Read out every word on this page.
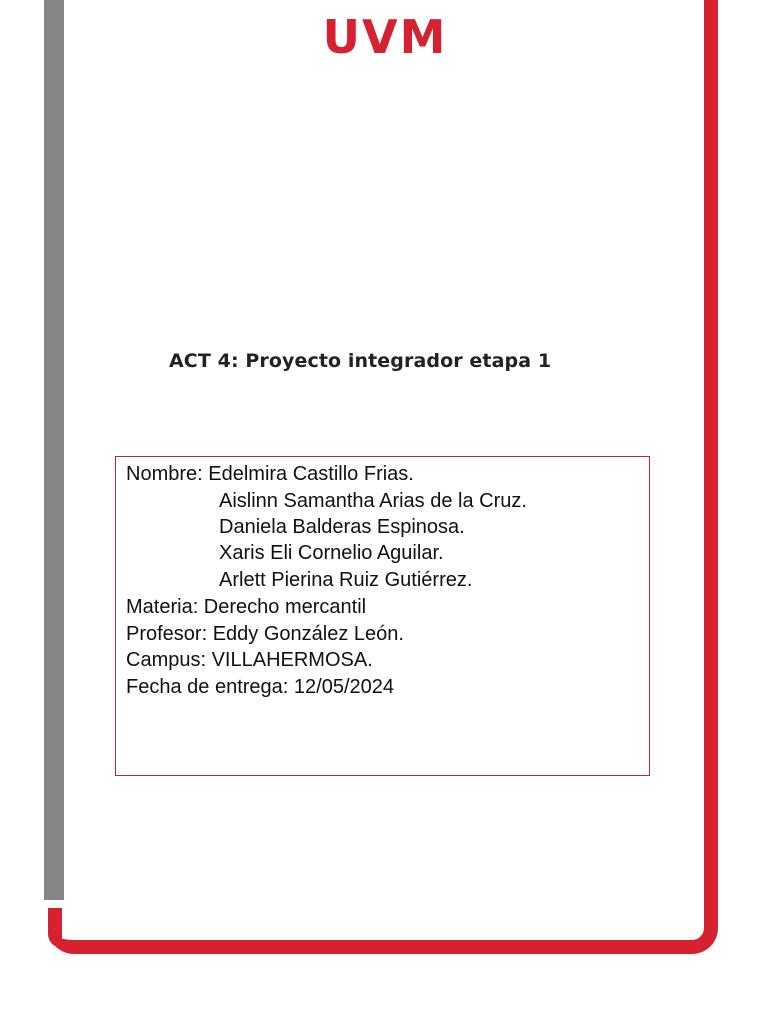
UVM
ACT 4: Proyecto integrador etapa 1
Nombre: Edelmira Castillo Frias.
Aislinn Samantha Arias de la Cruz.
Daniela Balderas Espinosa.
Xaris Eli Cornelio Aguilar.
Arlett Pierina Ruiz Gutiérrez.
Materia: Derecho mercantil
Profesor: Eddy González León.
Campus: VILLAHERMOSA.
Fecha de entrega: 12/05/2024
